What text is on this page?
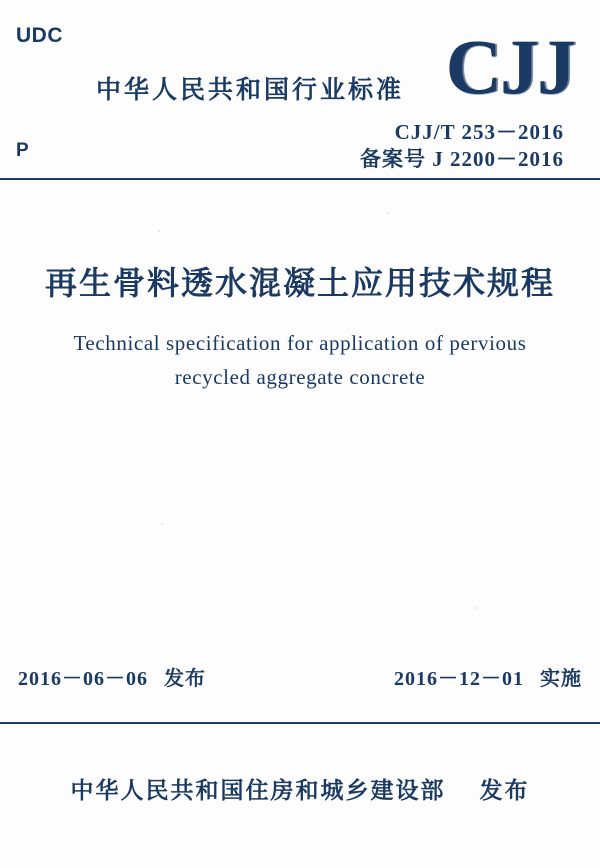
UDC
P
中华人民共和国行业标准 CJJ
CJJ/T 253－2016
备案号 J 2200－2016
再生骨料透水混凝土应用技术规程
Technical specification for application of pervious
recycled aggregate concrete
2016－06－06 发布	2016－12－01 实施
中华人民共和国住房和城乡建设部 发布
